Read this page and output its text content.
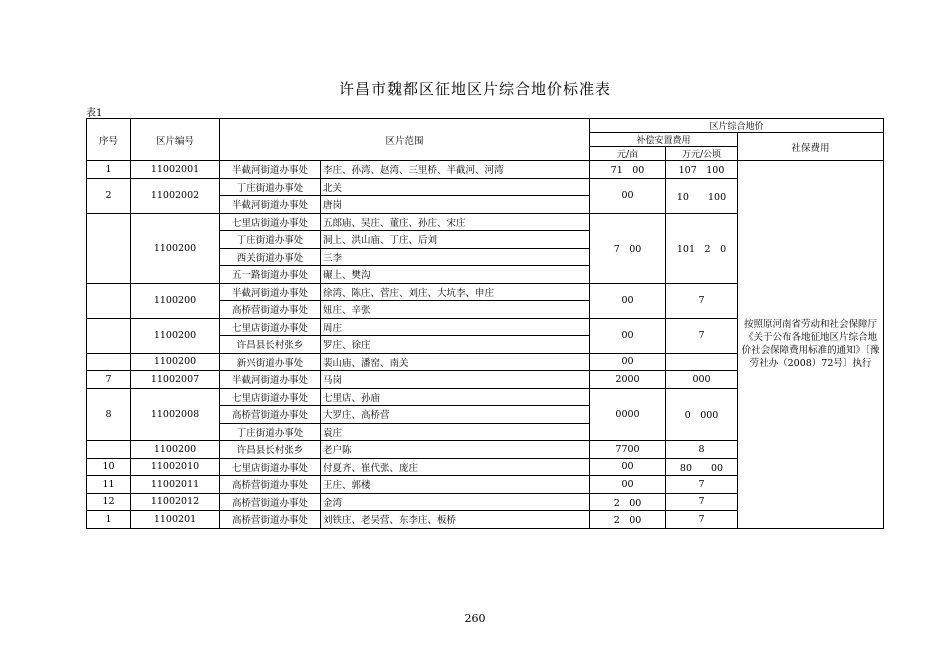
许昌市魏都区征地区片综合地价标准表
表1
序号	区片编号	区片范围		区片综合地价		
				补偿安置费用		社保费用
				元/亩	万元/公顷	
1	11002001	半截河街道办事处	李庄、孙湾、赵湾、三里桥、半截河、河湾	71　00	107　100	按照原河南省劳动和社会保障厅《关于公布各地征地区片综合地价社会保障费用标准的通知》〔豫劳社办（2008）72号〕执行
2	11002002	丁庄街道办事处	北关	00	10　　100	
		半截河街道办事处	唐岗			
	1100200	七里店街道办事处	五郎庙、吴庄、董庄、孙庄、宋庄	7　00	101　2　0	
		丁庄街道办事处	洞上、洪山庙、丁庄、后刘			
		西关街道办事处	三李			
		五一路街道办事处	碾上、樊沟			
	1100200	半截河街道办事处	徐湾、陈庄、菅庄、刘庄、大坑李、申庄	00	7	
		高桥营街道办事处	妞庄、辛张			
	1100200	七里店街道办事处	周庄	00	7	
		许昌县长村张乡	罗庄、徐庄			
	1100200	新兴街道办事处	裴山庙、潘窑、南关	00		
7	11002007	半截河街道办事处	马岗	2000	000	
8	11002008	七里店街道办事处	七里店、孙庙	0000	0　000	
		高桥营街道办事处	大罗庄、高桥营			
		丁庄街道办事处	袁庄			
	1100200	许昌县长村张乡	老户陈	7700	8	
10	11002010	七里店街道办事处	付夏齐、崔代张、庞庄	00	80　　00	
11	11002011	高桥营街道办事处	王庄、郭楼	00	7	
12	11002012	高桥营街道办事处	金湾	2　00	7	
1	1100201	高桥营街道办事处	刘铁庄、老吴营、东李庄、板桥	2　00	7	
260
